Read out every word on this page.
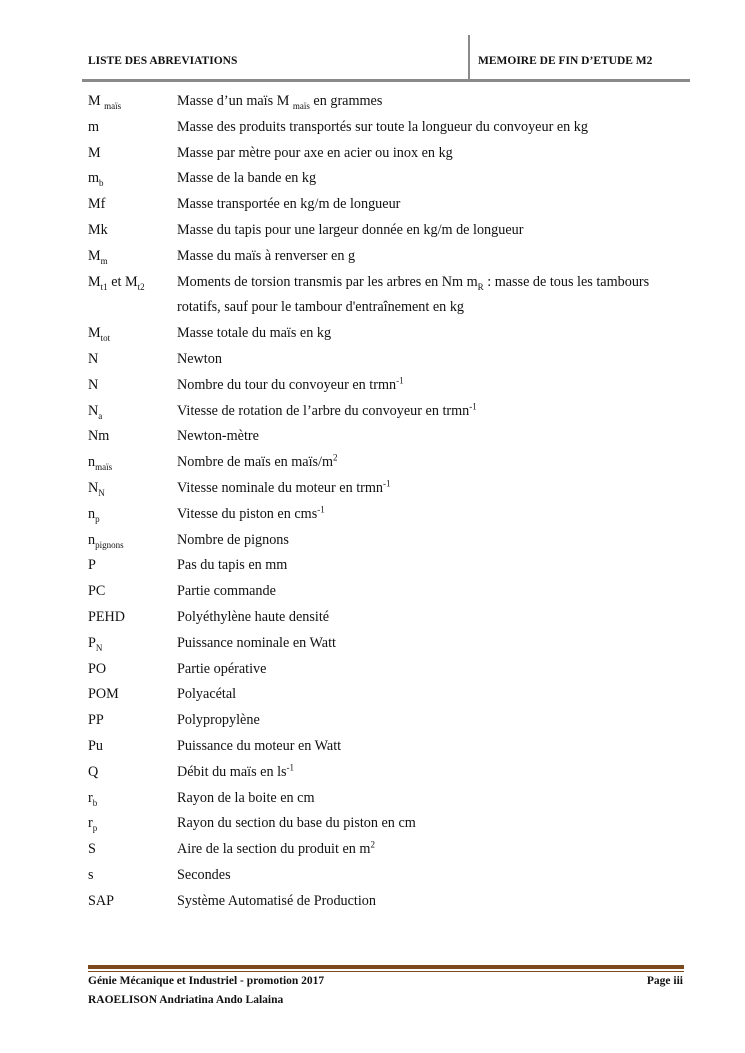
LISTE DES ABREVIATIONS	MEMOIRE DE FIN D’ETUDE M2
M $_{maïs}$	Masse d’un maïs M $_{maïs}$ en grammes
m	Masse des produits transportés sur toute la longueur du convoyeur en kg
M	Masse par mètre pour axe en acier ou inox en kg
$m_b$	Masse de la bande en kg
Mf	Masse transportée en kg/m de longueur
Mk	Masse du tapis pour une largeur donnée en kg/m de longueur
$M_m$	Masse du maïs à renverser en g
$M_{t1}$ et $M_{t2}$	Moments de torsion transmis par les arbres en Nm $m_R$ : masse de tous les tambours
rotatifs, sauf pour le tambour d'entraînement en kg
$M_{tot}$	Masse totale du maïs en kg
N	Newton
N	Nombre du tour du convoyeur en trmn$^{-1}$
$N_a$	Vitesse de rotation de l’arbre du convoyeur en trmn$^{-1}$
Nm	Newton-mètre
$n_{maïs}$	Nombre de maïs en maïs/$m^2$
$N_N$	Vitesse nominale du moteur en trmn$^{-1}$
$n_p$	Vitesse du piston en cms$^{-1}$
$n_{pignons}$	Nombre de pignons
P	Pas du tapis en mm
PC	Partie commande
PEHD	Polyéthylène haute densité
$P_N$	Puissance nominale en Watt
PO	Partie opérative
POM	Polyacétal
PP	Polypropylène
Pu	Puissance du moteur en Watt
Q	Débit du maïs en $ls^{-1}$
$r_b$	Rayon de la boite en cm
$r_p$	Rayon du section du base du piston en cm
S	Aire de la section du produit en $m^2$
s	Secondes
SAP	Système Automatisé de Production
Génie Mécanique et Industriel - promotion 2017	Page iii
RAOELISON Andriatina Ando Lalaina
